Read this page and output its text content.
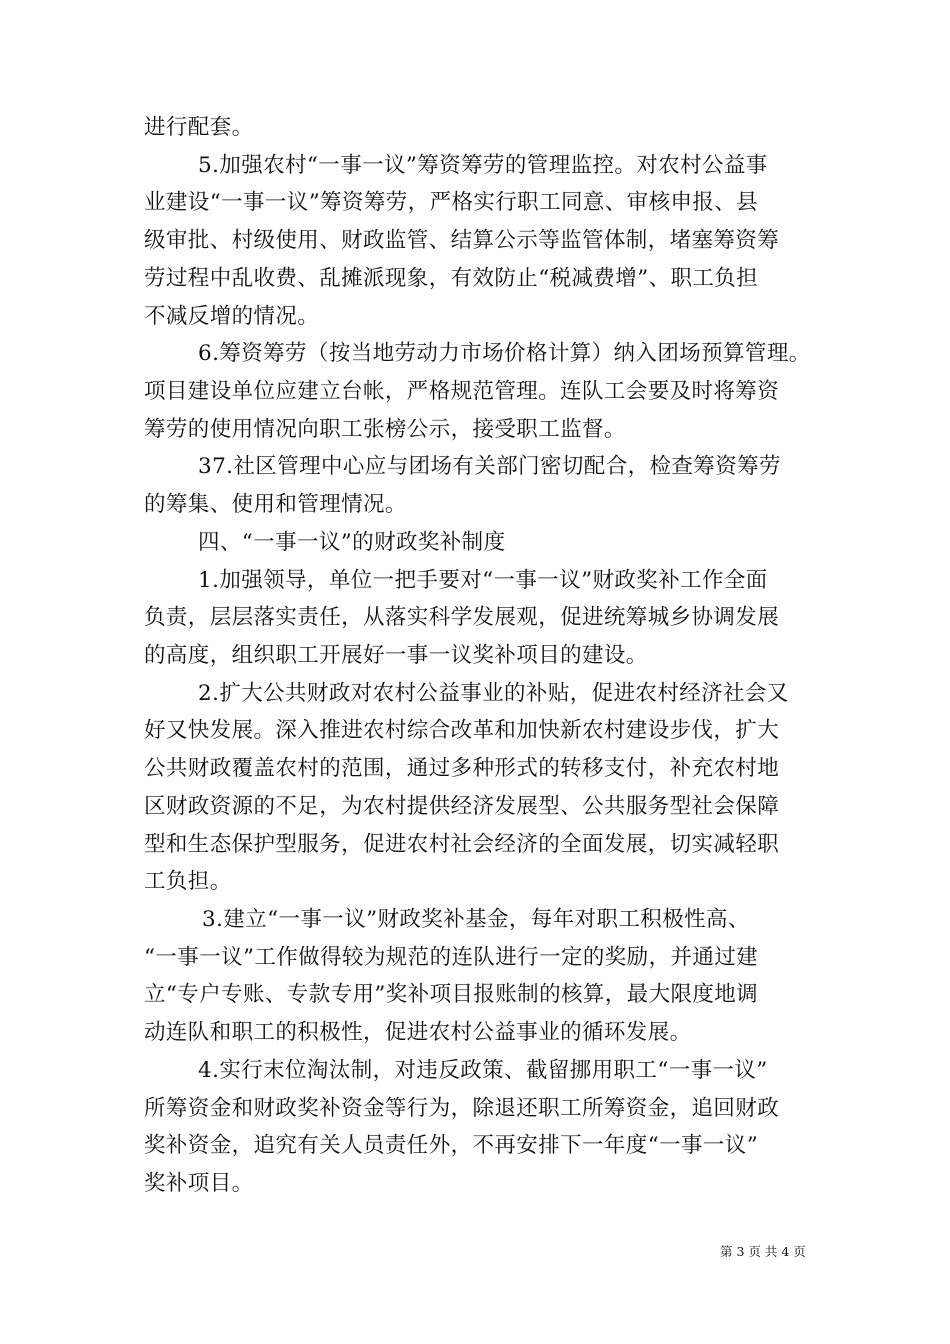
进行配套。
5.加强农村“一事一议”筹资筹劳的管理监控。对农村公益事
业建设“一事一议”筹资筹劳，严格实行职工同意、审核申报、县
级审批、村级使用、财政监管、结算公示等监管体制，堵塞筹资筹
劳过程中乱收费、乱摊派现象，有效防止“税减费增”、职工负担
不减反增的情况。
6.筹资筹劳（按当地劳动力市场价格计算）纳入团场预算管理。
项目建设单位应建立台帐，严格规范管理。连队工会要及时将筹资
筹劳的使用情况向职工张榜公示，接受职工监督。
37.社区管理中心应与团场有关部门密切配合，检查筹资筹劳
的筹集、使用和管理情况。
四、“一事一议”的财政奖补制度
1.加强领导，单位一把手要对“一事一议”财政奖补工作全面
负责，层层落实责任，从落实科学发展观，促进统筹城乡协调发展
的高度，组织职工开展好一事一议奖补项目的建设。
2.扩大公共财政对农村公益事业的补贴，促进农村经济社会又
好又快发展。深入推进农村综合改革和加快新农村建设步伐，扩大
公共财政覆盖农村的范围，通过多种形式的转移支付，补充农村地
区财政资源的不足，为农村提供经济发展型、公共服务型社会保障
型和生态保护型服务，促进农村社会经济的全面发展，切实减轻职
工负担。
3.建立“一事一议”财政奖补基金，每年对职工积极性高、
“一事一议”工作做得较为规范的连队进行一定的奖励，并通过建
立“专户专账、专款专用”奖补项目报账制的核算，最大限度地调
动连队和职工的积极性，促进农村公益事业的循环发展。
4.实行末位淘汰制，对违反政策、截留挪用职工“一事一议”
所筹资金和财政奖补资金等行为，除退还职工所筹资金，追回财政
奖补资金，追究有关人员责任外，不再安排下一年度“一事一议”
奖补项目。
第 3 页 共 4 页
